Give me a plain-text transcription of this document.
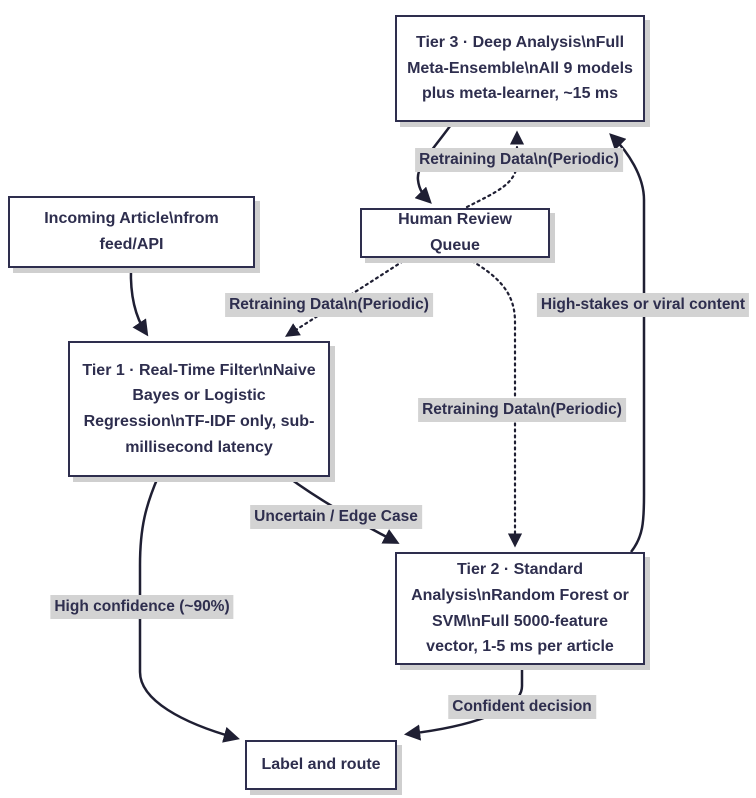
Tier 3 · Deep Analysis\nFull Meta-Ensemble\nAll 9 models plus meta-learner, ~15 ms
Incoming Article\nfrom feed/API
Human Review Queue
Tier 1 · Real-Time Filter\nNaive Bayes or Logistic Regression\nTF-IDF only, sub-millisecond latency
Tier 2 · Standard Analysis\nRandom Forest or SVM\nFull 5000-feature vector, 1-5 ms per article
Label and route
Retraining Data\n(Periodic)
Retraining Data\n(Periodic)	High-stakes or viral content
Retraining Data\n(Periodic)
Uncertain / Edge Case
High confidence (~90%)
Confident decision
